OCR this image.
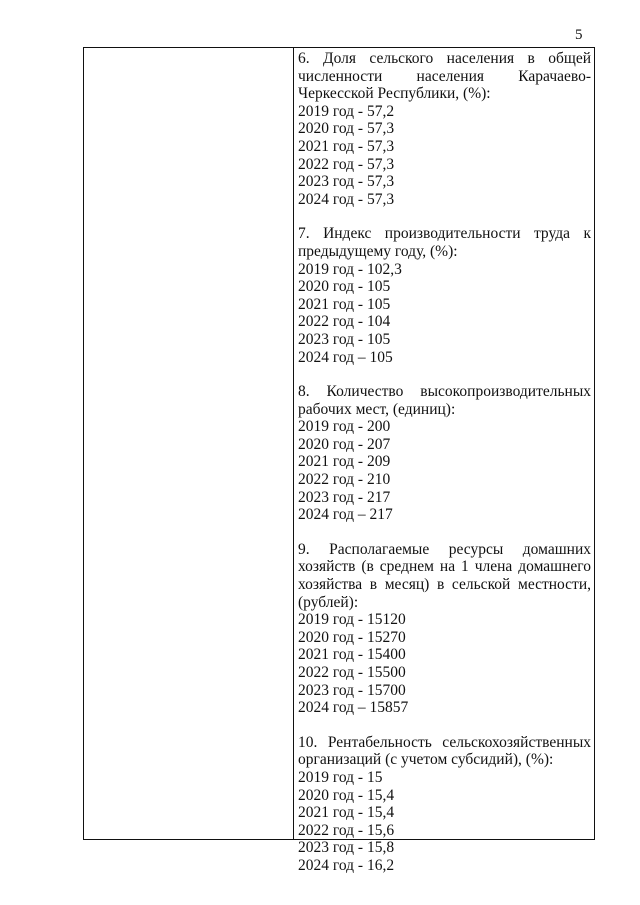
5
6. Доля сельского населения в общей численности населения Карачаево-Черкесской Республики, (%):
2019 год - 57,2
2020 год - 57,3
2021 год - 57,3
2022 год - 57,3
2023 год - 57,3
2024 год - 57,3
7. Индекс производительности труда к предыдущему году, (%):
2019 год - 102,3
2020 год - 105
2021 год - 105
2022 год - 104
2023 год - 105
2024 год – 105
8. Количество высокопроизводительных рабочих мест, (единиц):
2019 год - 200
2020 год - 207
2021 год - 209
2022 год - 210
2023 год - 217
2024 год – 217
9. Располагаемые ресурсы домашних хозяйств (в среднем на 1 члена домашнего хозяйства в месяц) в сельской местности, (рублей):
2019 год - 15120
2020 год - 15270
2021 год - 15400
2022 год - 15500
2023 год - 15700
2024 год – 15857
10. Рентабельность сельскохозяйственных организаций (с учетом субсидий), (%):
2019 год - 15
2020 год - 15,4
2021 год - 15,4
2022 год - 15,6
2023 год - 15,8
2024 год - 16,2
